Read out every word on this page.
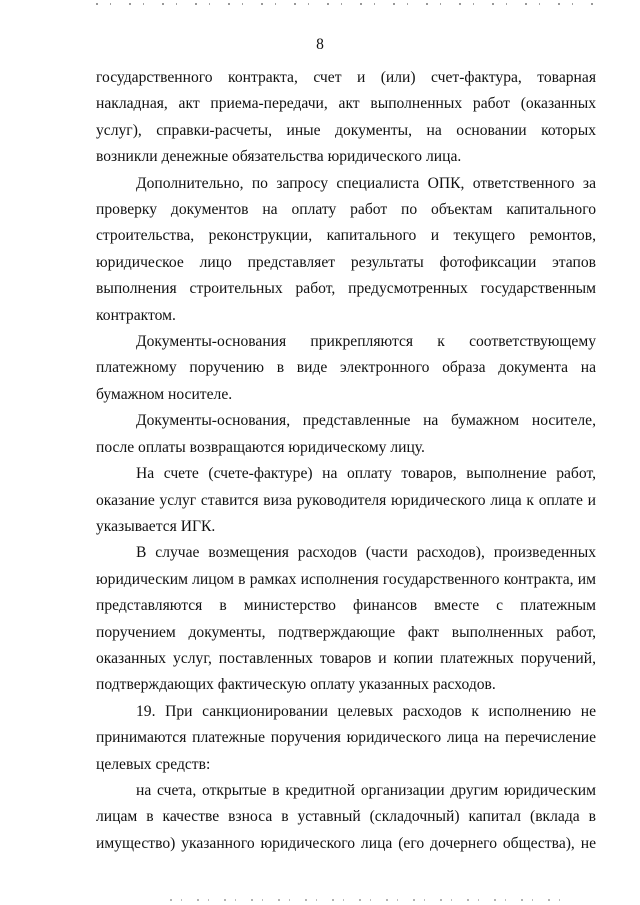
8

государственного контракта, счет и (или) счет-фактура, товарная накладная, акт приема-передачи, акт выполненных работ (оказанных услуг), справки-расчеты, иные документы, на основании которых возникли денежные обязательства юридического лица.

Дополнительно, по запросу специалиста ОПК, ответственного за проверку документов на оплату работ по объектам капитального строительства, реконструкции, капитального и текущего ремонтов, юридическое лицо представляет результаты фотофиксации этапов выполнения строительных работ, предусмотренных государственным контрактом.

Документы-основания прикрепляются к соответствующему платежному поручению в виде электронного образа документа на бумажном носителе.

Документы-основания, представленные на бумажном носителе, после оплаты возвращаются юридическому лицу.

На счете (счете-фактуре) на оплату товаров, выполнение работ, оказание услуг ставится виза руководителя юридического лица к оплате и указывается ИГК.

В случае возмещения расходов (части расходов), произведенных юридическим лицом в рамках исполнения государственного контракта, им представляются в министерство финансов вместе с платежным поручением документы, подтверждающие факт выполненных работ, оказанных услуг, поставленных товаров и копии платежных поручений, подтверждающих фактическую оплату указанных расходов.

19. При санкционировании целевых расходов к исполнению не принимаются платежные поручения юридического лица на перечисление целевых средств:

на счета, открытые в кредитной организации другим юридическим лицам в качестве взноса в уставный (складочный) капитал (вклада в имущество) указанного юридического лица (его дочернего общества), не
